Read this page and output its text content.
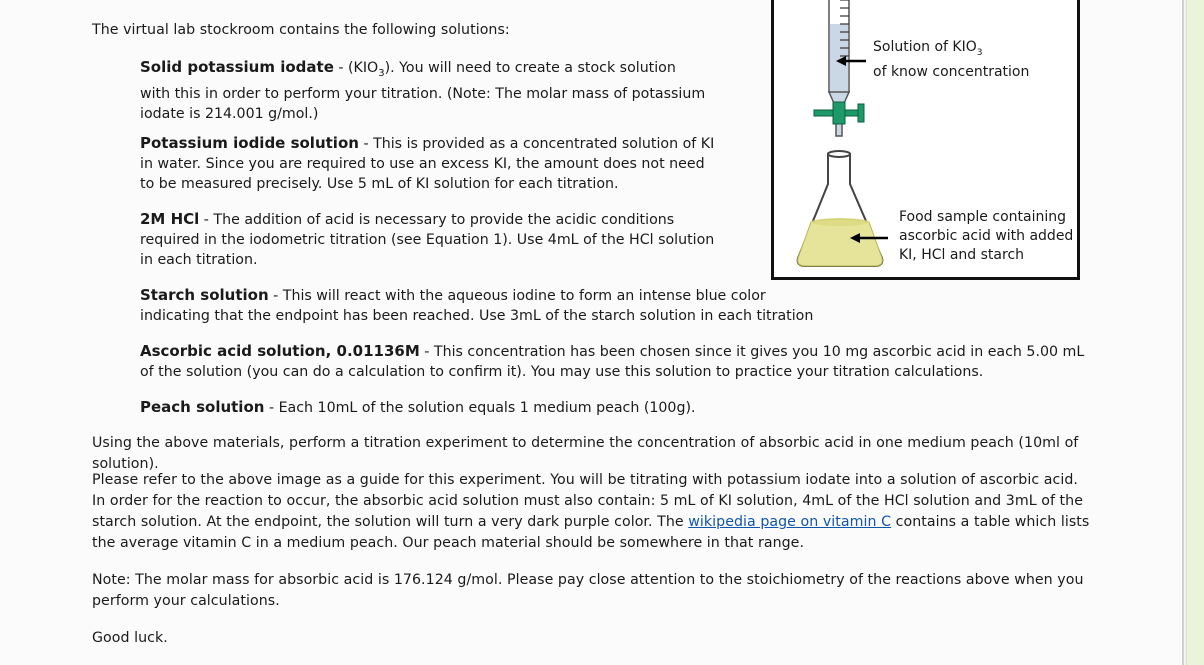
Solution of $KIO_3$
of know concentration

Food sample containing
ascorbic acid with added
KI, HCl and starch

The virtual lab stockroom contains the following solutions:

Solid potassium iodate - $(KIO_3)$. You will need to create a stock solution with this in order to perform your titration. (Note: The molar mass of potassium iodate is 214.001 g/mol.)

Potassium iodide solution - This is provided as a concentrated solution of KI in water. Since you are required to use an excess KI, the amount does not need to be measured precisely. Use 5 mL of KI solution for each titration.

2M HCl - The addition of acid is necessary to provide the acidic conditions required in the iodometric titration (see Equation 1). Use 4mL of the HCl solution in each titration.

Starch solution - This will react with the aqueous iodine to form an intense blue color indicating that the endpoint has been reached. Use 3mL of the starch solution in each titration

Ascorbic acid solution, 0.01136M - This concentration has been chosen since it gives you 10 mg ascorbic acid in each 5.00 mL of the solution (you can do a calculation to confirm it). You may use this solution to practice your titration calculations.

Peach solution - Each 10mL of the solution equals 1 medium peach (100g).

Using the above materials, perform a titration experiment to determine the concentration of absorbic acid in one medium peach (10ml of solution).

Please refer to the above image as a guide for this experiment. You will be titrating with potassium iodate into a solution of ascorbic acid. In order for the reaction to occur, the absorbic acid solution must also contain: 5 mL of KI solution, 4mL of the HCl solution and 3mL of the starch solution. At the endpoint, the solution will turn a very dark purple color. The wikipedia page on vitamin C contains a table which lists the average vitamin C in a medium peach. Our peach material should be somewhere in that range.

Note: The molar mass for absorbic acid is 176.124 g/mol. Please pay close attention to the stoichiometry of the reactions above when you perform your calculations.

Good luck.
